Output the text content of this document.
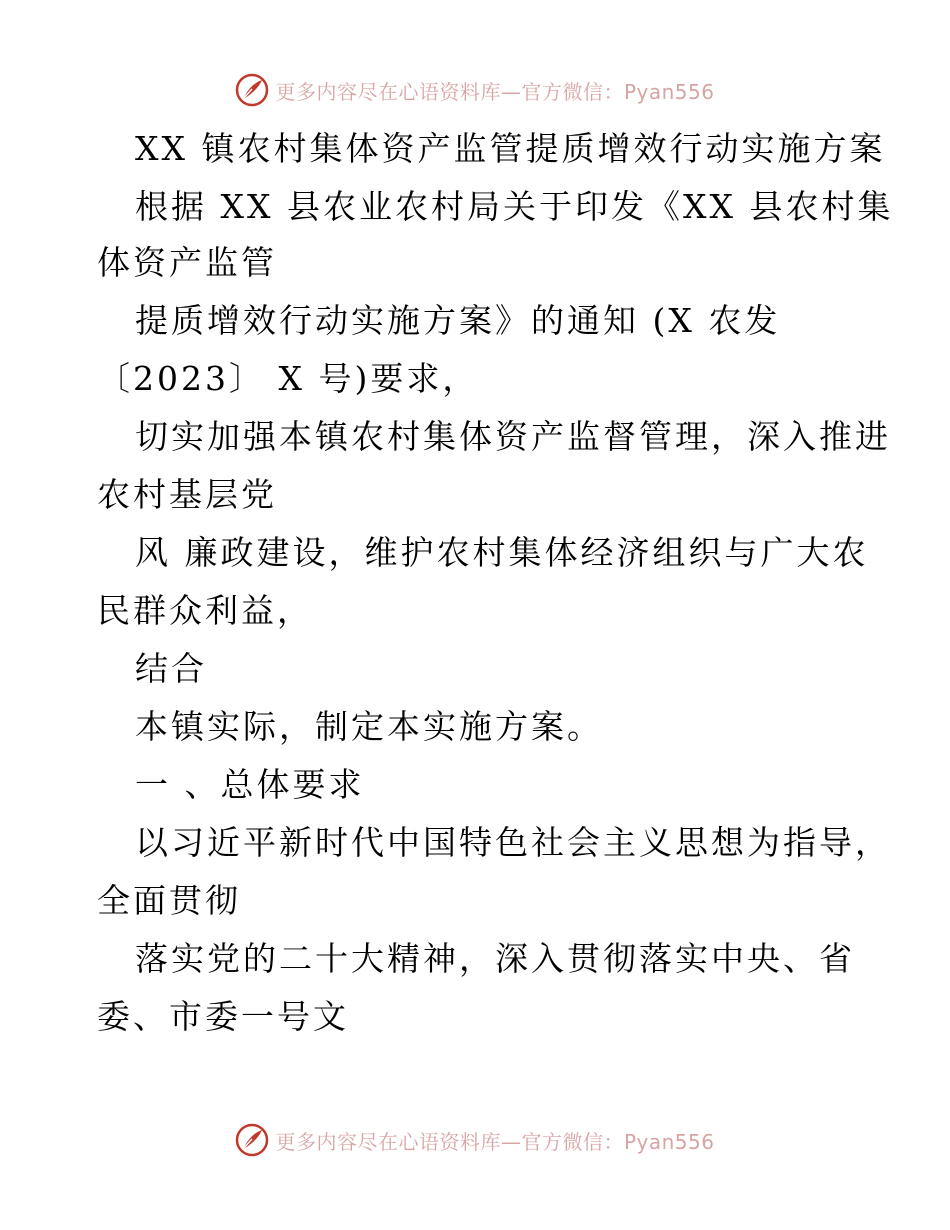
更多内容尽在心语资料库—官方微信：Pyan556
XX 镇农村集体资产监管提质增效行动实施方案
根据 XX 县农业农村局关于印发《XX 县农村集
体资产监管
提质增效行动实施方案》的通知 (X 农发
〔2023〕 X 号)要求，
切实加强本镇农村集体资产监督管理，深入推进
农村基层党
风 廉政建设，维护农村集体经济组织与广大农
民群众利益，
结合
本镇实际，制定本实施方案。
一 、总体要求
以习近平新时代中国特色社会主义思想为指导，
全面贯彻
落实党的二十大精神，深入贯彻落实中央、省
委、市委一号文
更多内容尽在心语资料库—官方微信：Pyan556
